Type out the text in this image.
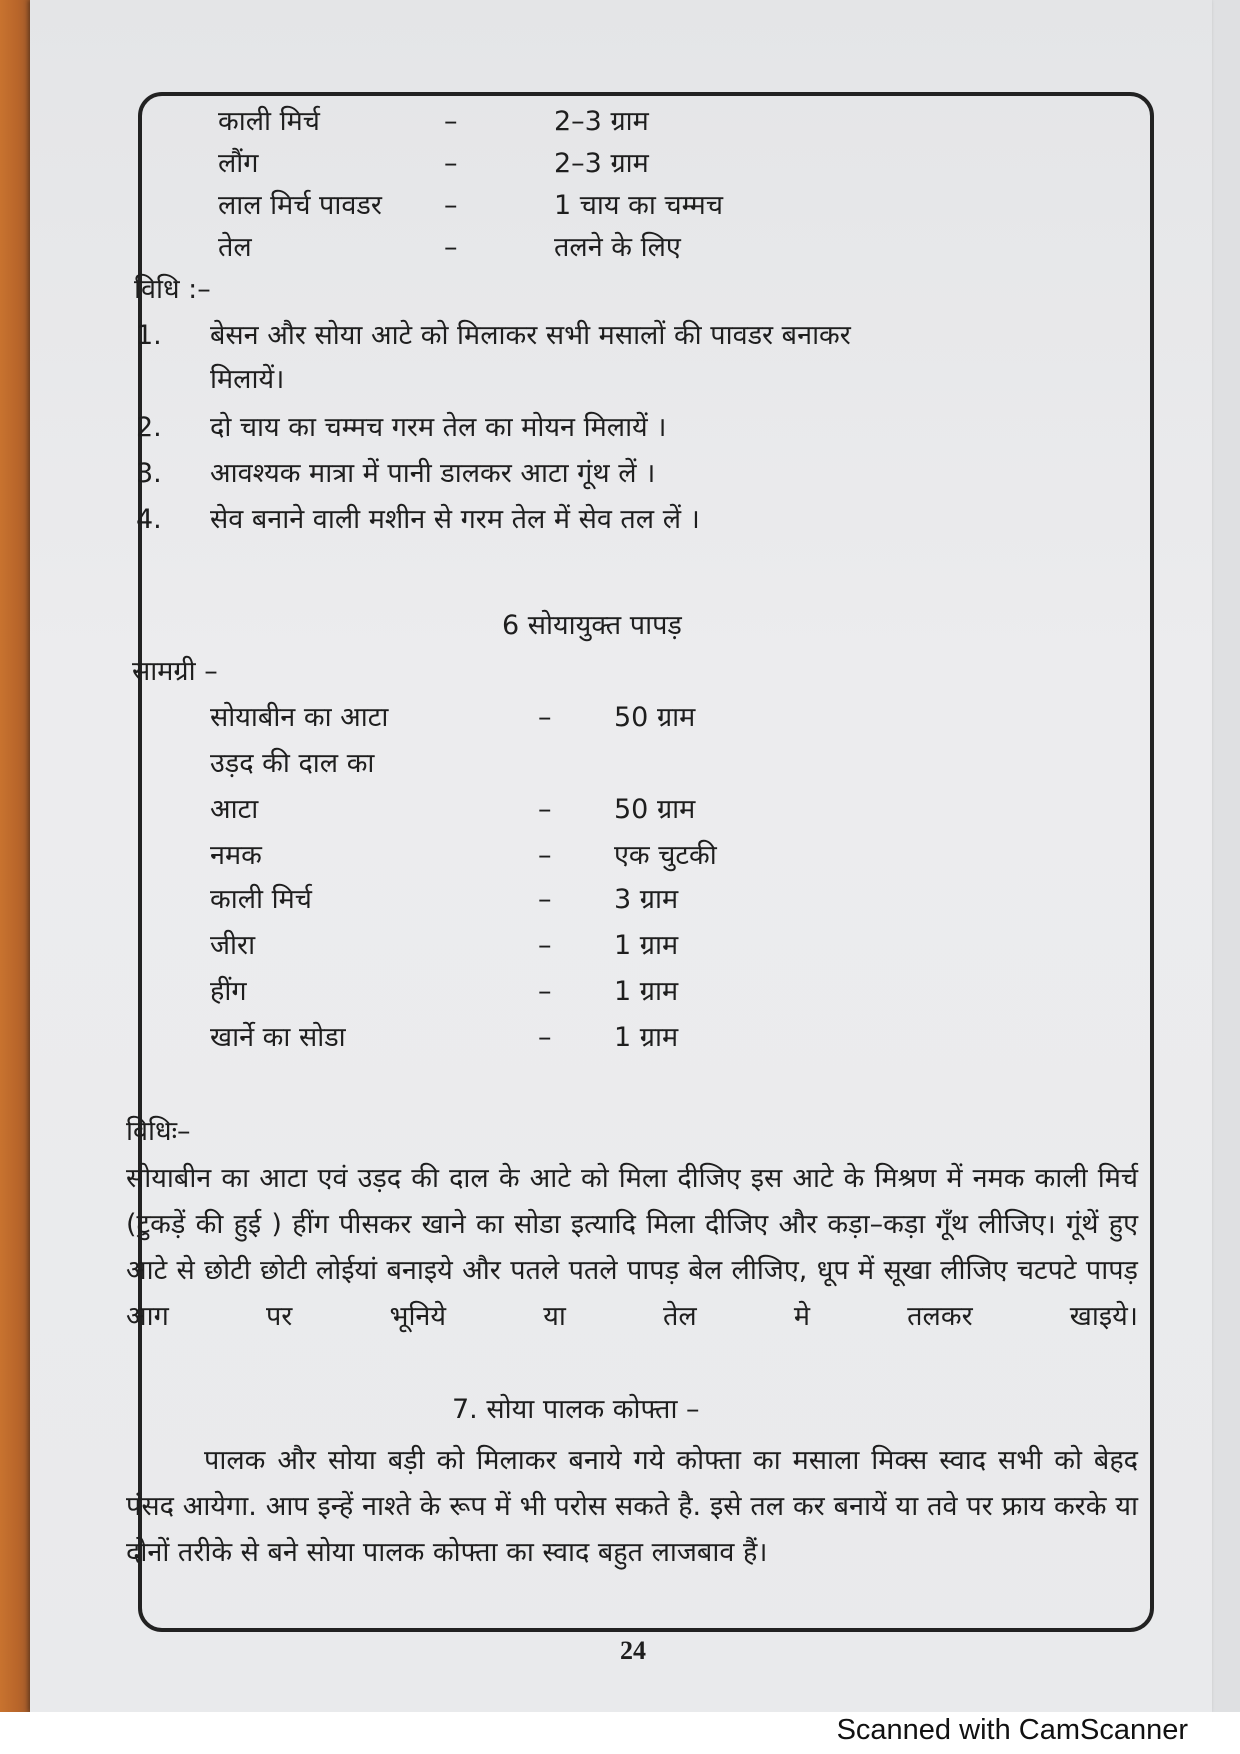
काली मिर्च	–	2–3 ग्राम
लौंग	–	2–3 ग्राम
लाल मिर्च पावडर –	1 चाय का चम्मच
तेल	–	तलने के लिए
विधि :–
1. बेसन और सोया आटे को मिलाकर सभी मसालों की पावडर बनाकर
मिलायें।
2. दो चाय का चम्मच गरम तेल का मोयन मिलायें ।
3. आवश्यक मात्रा में पानी डालकर आटा गूंथ लें ।
4. सेव बनाने वाली मशीन से गरम तेल में सेव तल लें ।
6 सोयायुक्त पापड़
सामग्री –
सोयाबीन का आटा	– 50 ग्राम
उड़द की दाल का
आटा	– 50 ग्राम
नमक	– एक चुटकी
काली मिर्च	– 3 ग्राम
जीरा	– 1 ग्राम
हींग	– 1 ग्राम
खार्ने का सोडा	– 1 ग्राम
विधिः–
सोयाबीन का आटा एवं उड़द की दाल के आटे को मिला दीजिए इस आटे के मिश्रण में नमक काली मिर्च (टुकड़ें की हुई ) हींग पीसकर खाने का सोडा इत्यादि मिला दीजिए और कड़ा–कड़ा गूँथ लीजिए। गूंथें हुए आटे से छोटी छोटी लोईयां बनाइये और पतले पतले पापड़ बेल लीजिए, धूप में सूखा लीजिए चटपटे पापड़ आग पर भूनिये या तेल मे तलकर खाइये।
7. सोया पालक कोफ्ता –
पालक और सोया बड़ी को मिलाकर बनाये गये कोफ्ता का मसाला मिक्स स्वाद सभी को बेहद पंसद आयेगा. आप इन्हें नाश्ते के रूप में भी परोस सकते है. इसे तल कर बनायें या तवे पर फ्राय करके या दोनों तरीके से बने सोया पालक कोफ्ता का स्वाद बहुत लाजबाव हैं।
24
Scanned with CamScanner
